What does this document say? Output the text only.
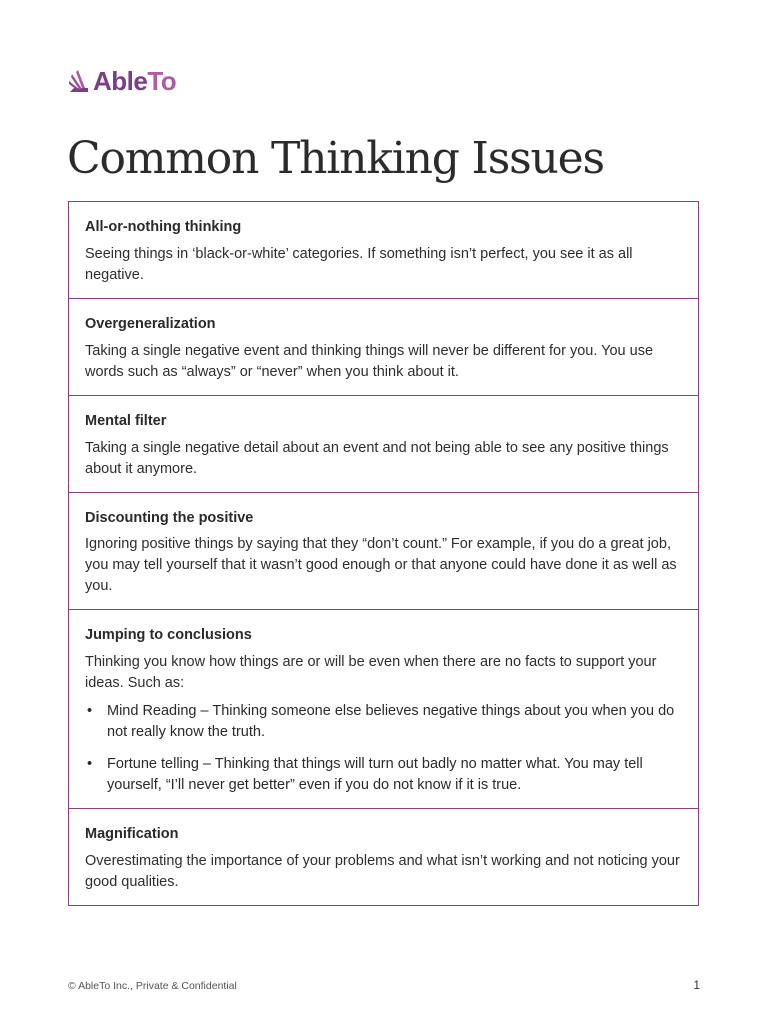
AbleTo
Common Thinking Issues

All-or-nothing thinking

Seeing things in ‘black-or-white’ categories. If something isn’t perfect, you see it as all negative.

Overgeneralization

Taking a single negative event and thinking things will never be different for you. You use words such as “always” or “never” when you think about it.

Mental filter

Taking a single negative detail about an event and not being able to see any positive things about it anymore.

Discounting the positive

Ignoring positive things by saying that they “don’t count.” For example, if you do a great job, you may tell yourself that it wasn’t good enough or that anyone could have done it as well as you.

Jumping to conclusions

Thinking you know how things are or will be even when there are no facts to support your ideas. Such as:

• Mind Reading – Thinking someone else believes negative things about you when you do not really know the truth.
• Fortune telling – Thinking that things will turn out badly no matter what. You may tell yourself, “I’ll never get better” even if you do not know if it is true.

Magnification

Overestimating the importance of your problems and what isn’t working and not noticing your good qualities.

© AbleTo Inc., Private & Confidential	1
